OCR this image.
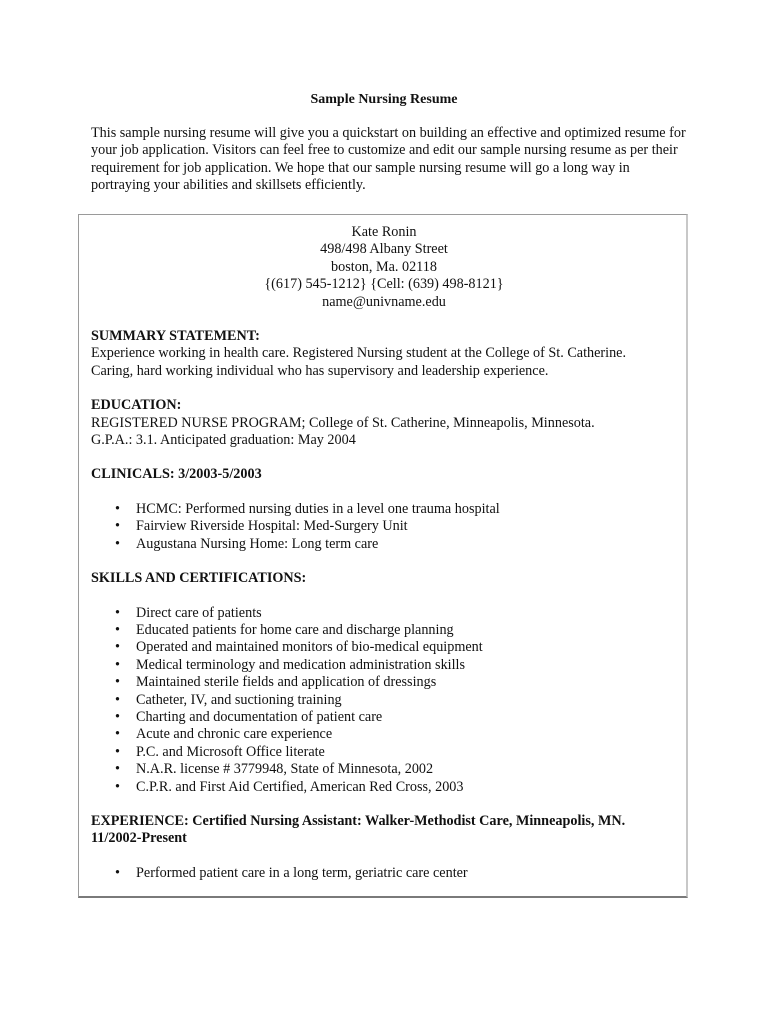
Sample Nursing Resume
This sample nursing resume will give you a quickstart on building an effective and optimized resume for your job application. Visitors can feel free to customize and edit our sample nursing resume as per their requirement for job application. We hope that our sample nursing resume will go a long way in portraying your abilities and skillsets efficiently.
Kate Ronin
498/498 Albany Street
boston, Ma. 02118
{(617) 545-1212} {Cell: (639) 498-8121}
name@univname.edu
SUMMARY STATEMENT:
Experience working in health care. Registered Nursing student at the College of St. Catherine.
Caring, hard working individual who has supervisory and leadership experience.
EDUCATION:
REGISTERED NURSE PROGRAM; College of St. Catherine, Minneapolis, Minnesota.
G.P.A.: 3.1. Anticipated graduation: May 2004
CLINICALS: 3/2003-5/2003
• HCMC: Performed nursing duties in a level one trauma hospital
• Fairview Riverside Hospital: Med-Surgery Unit
• Augustana Nursing Home: Long term care
SKILLS AND CERTIFICATIONS:
• Direct care of patients
• Educated patients for home care and discharge planning
• Operated and maintained monitors of bio-medical equipment
• Medical terminology and medication administration skills
• Maintained sterile fields and application of dressings
• Catheter, IV, and suctioning training
• Charting and documentation of patient care
• Acute and chronic care experience
• P.C. and Microsoft Office literate
• N.A.R. license # 3779948, State of Minnesota, 2002
• C.P.R. and First Aid Certified, American Red Cross, 2003
EXPERIENCE: Certified Nursing Assistant: Walker-Methodist Care, Minneapolis, MN.
11/2002-Present
• Performed patient care in a long term, geriatric care center
